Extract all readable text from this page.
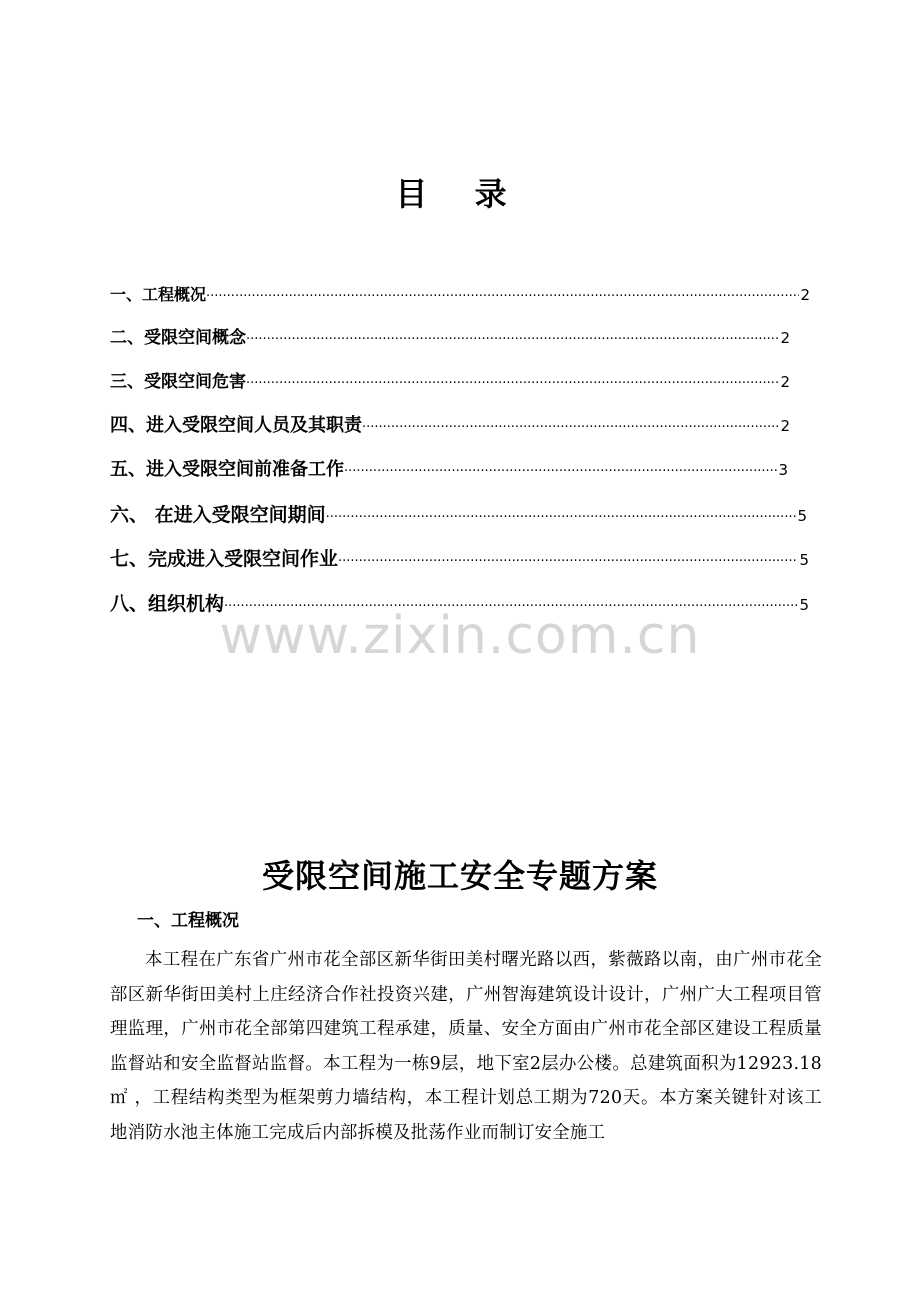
目 录
一、工程概况 ·····	2
二、受限空间概念 ·····	2
三、受限空间危害 ·····	2
四、进入受限空间人员及其职责 ·····	2
五、进入受限空间前准备工作 ·····	3
六、 在进入受限空间期间 ·····	5
七、完成进入受限空间作业 ·····	5
八、组织机构 ·····	5
www.zixin.com.cn
受限空间施工安全专题方案
一、工程概况

本工程在广东省广州市花全部区新华街田美村曙光路以西，紫薇路以南，由广州市花全部区新华街田美村上庄经济合作社投资兴建，广州智海建筑设计设计，广州广大工程项目管理监理，广州市花全部第四建筑工程承建，质量、安全方面由广州市花全部区建设工程质量监督站和安全监督站监督。本工程为一栋9层，地下室2层办公楼。总建筑面积为12923.18㎡ ，工程结构类型为框架剪力墙结构，本工程计划总工期为720天。本方案关键针对该工地消防水池主体施工完成后内部拆模及批荡作业而制订安全施工
